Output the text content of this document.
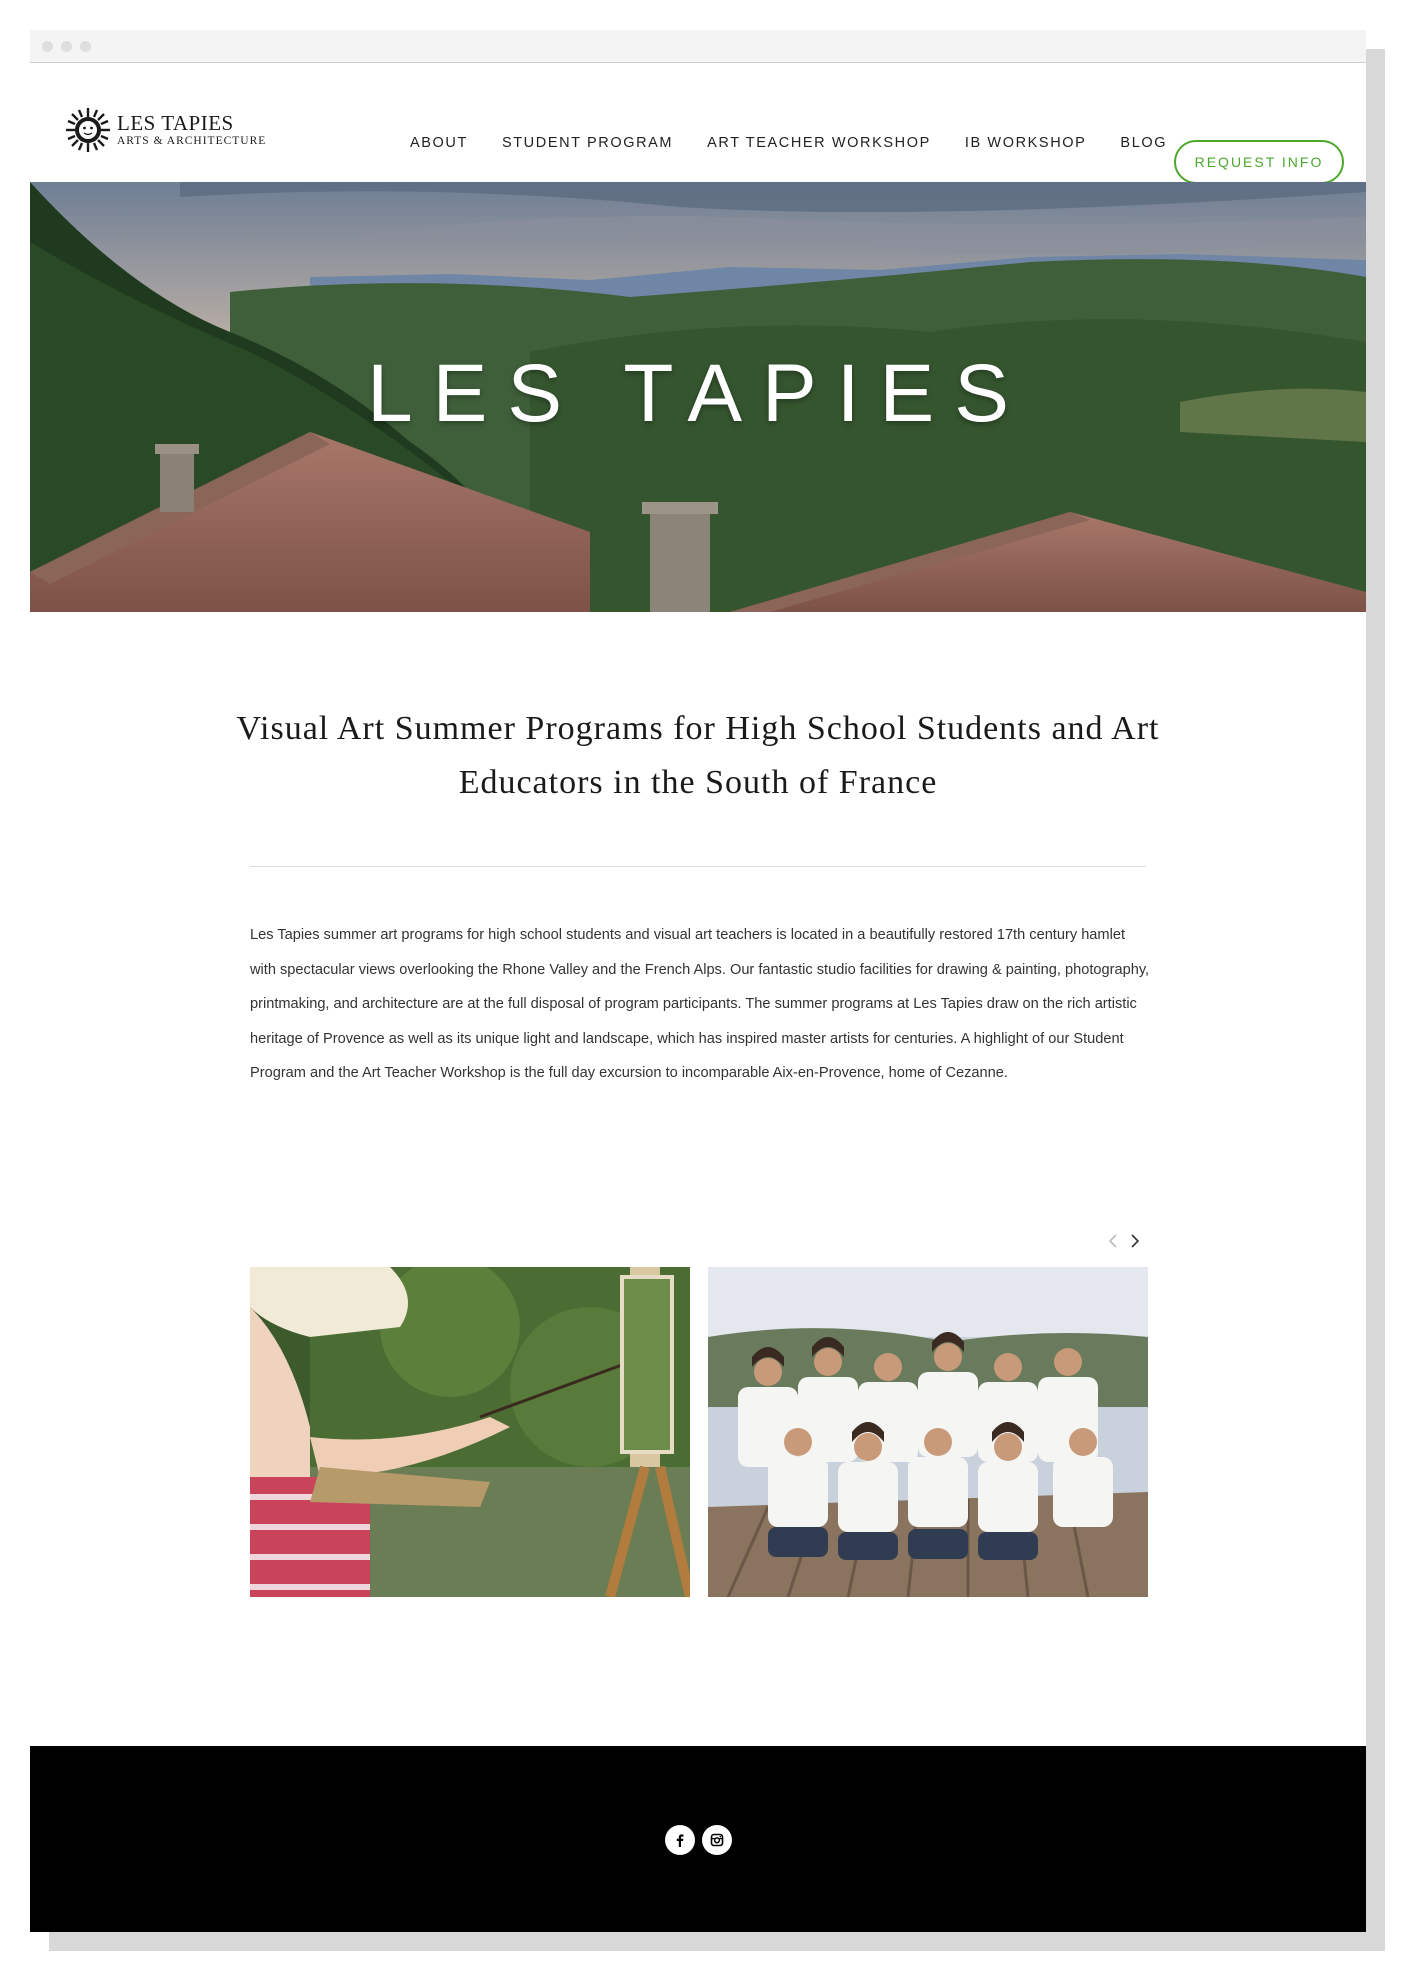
LES TAPIES
ARTS & ARCHITECTURE	ABOUT STUDENT PROGRAM ART TEACHER WORKSHOP IB WORKSHOP BLOG
REQUEST INFO
LES TAPIES
Visual Art Summer Programs for High School Students and Art Educators in the South of France

Les Tapies summer art programs for high school students and visual art teachers is located in a beautifully restored 17th century hamlet with spectacular views overlooking the Rhone Valley and the French Alps. Our fantastic studio facilities for drawing & painting, photography, printmaking, and architecture are at the full disposal of program participants. The summer programs at Les Tapies draw on the rich artistic heritage of Provence as well as its unique light and landscape, which has inspired master artists for centuries. A highlight of our Student Program and the Art Teacher Workshop is the full day excursion to incomparable Aix-en-Provence, home of Cezanne.
